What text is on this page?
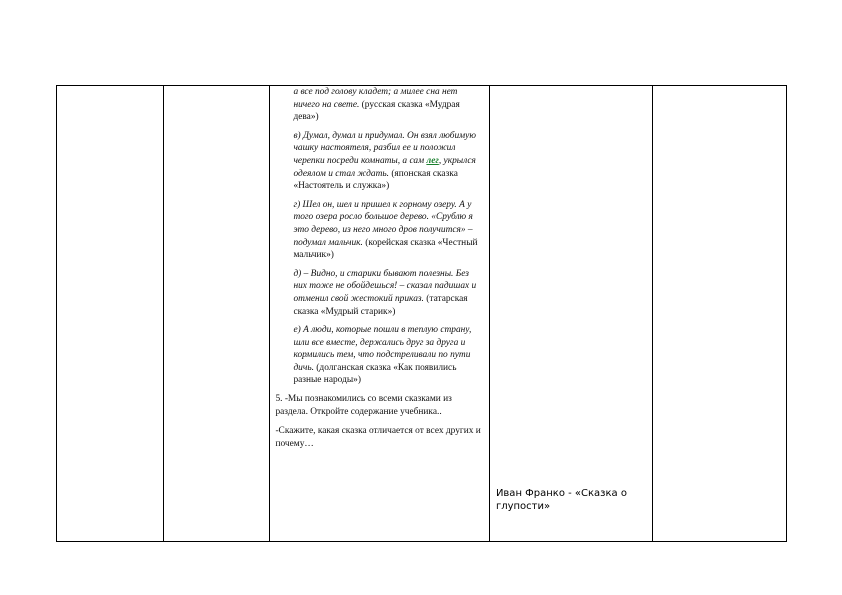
а все под голову кладет; а милее сна нет ничего на свете. (русская сказка «Мудрая дева»)
в) Думал, думал и придумал. Он взял любимую чашку настоятеля, разбил ее и положил черепки посреди комнаты, а сам лег, укрылся одеялом и стал ждать. (японская сказка «Настоятель и служка»)
г) Шел он, шел и пришел к горному озеру. А у того озера росло большое дерево. «Срублю я это дерево, из него много дров получится» – подумал мальчик. (корейская сказка «Честный мальчик»)
д) – Видно, и старики бывают полезны. Без них тоже не обойдешься! – сказал падишах и отменил свой жестокий приказ. (татарская сказка «Мудрый старик»)
е) А люди, которые пошли в теплую страну, шли все вместе, держались друг за друга и кормились тем, что подстреливали по пути дичь. (долганская сказка «Как появились разные народы»)

5. -Мы познакомились со всеми сказками из раздела. Откройте содержание учебника..

-Скажите, какая сказка отличается от всех других и почему…

Иван Франко - «Сказка о глупости»
